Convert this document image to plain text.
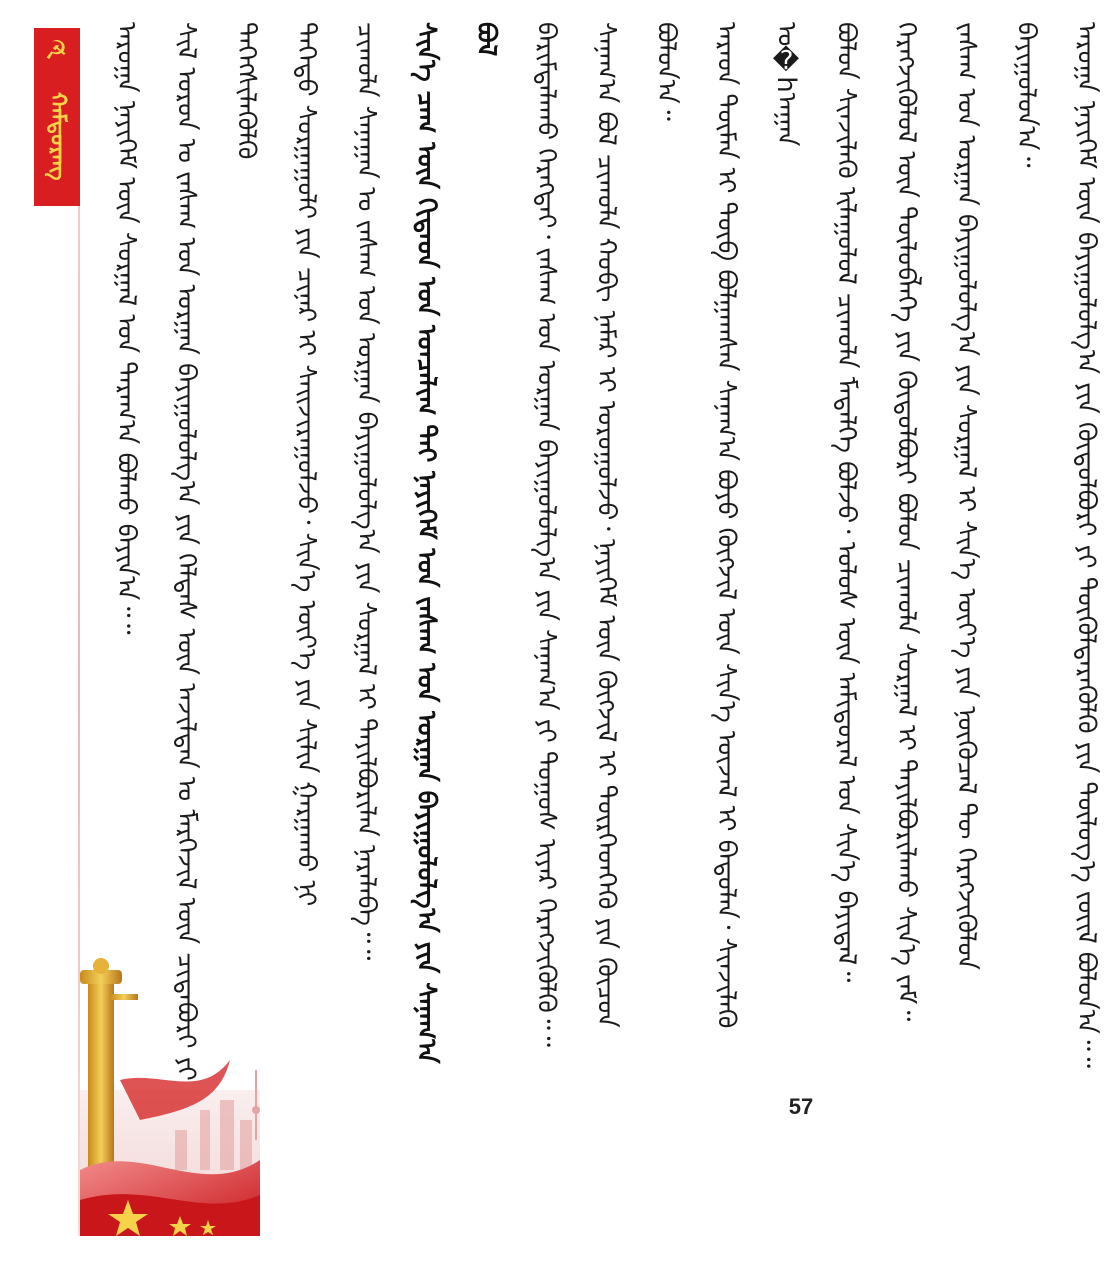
☭
ᠬᠠᠮᠲᠤᠷᠠᠩ	ᠠᠷᠤᠭᠠ ᠨᠡᠶᠢᠭᠡᠮ ᠦᠨ ᠰᠤᠷᠭᠠᠯ ᠤᠨ ᠳᠠᠷᠠᠭ᠎ᠠ ᠪᠤᠯᠬᠤ ᠪᠠᠶᠢᠨ᠎ᠠ᠃᠃	ᠰᠢᠯ ᠣᠷᠣᠨ ᠤ ᠵᠠᠰᠠᠭ ᠤᠨ ᠣᠷᠭᠠᠨ ᠪᠠᠶᠢᠭᠤᠯᠤᠯᠭ᠎ᠠ ᠶᠢᠨ ᠬᠡᠯᠲᠡᠰ ᠦᠨ ᠠᠵᠢᠯᠲᠠᠨ ᠤ ᠮᠡᠷᠭᠡᠵᠢᠯ ᠦᠨ ᠴᠢᠳᠠᠪᠤᠷᠢ ᠶᠢ ᠳᠡᠭᠡᠭᠰᠢᠯᠡᠭᠦᠯᠬᠦ	ᠳᠡᠭᠡᠳᠦ ᠰᠤᠷᠭᠠᠭᠤᠯᠢ ᠶᠢᠨ ᠴᠢᠨᠠᠷ ᠢ ᠰᠠᠢᠵᠢᠷᠠᠭᠤᠯᠵᠤ᠂ ᠰᠢᠨ᠎ᠡ ᠦᠶ᠎ᠡ ᠶᠢᠨ ᠰᠢᠯᠢᠨ ᠭᠠᠷᠭᠠᠬᠤ ᠨᠢ	ᠴᠢᠬᠤᠯᠠ ᠰᠠᠨᠠᠭᠠᠨ ᠤ ᠵᠠᠰᠠᠭ ᠤᠨ ᠣᠷᠭᠠᠨ ᠪᠠᠶᠢᠭᠤᠯᠤᠯᠭ᠎ᠠ ᠶᠢᠨ ᠰᠤᠷᠭᠠᠯ ᠢ ᠲᠠᠶᠢᠯᠪᠤᠷᠢᠯᠠᠨ ᠨᠡᠷᠡᠯᠡᠪᠡ᠃᠃	ᠰᠢᠨ᠎ᠡ ᠴᠠᠭ ᠦᠨ ᠬᠢᠲᠠᠳ ᠤᠨ ᠣᠨᠴᠠᠯᠢᠭ ᠲᠠᠢ ᠨᠡᠶᠢᠭᠡᠮ ᠤᠨ ᠵᠠᠰᠠᠭ ᠤᠨ ᠣᠷᠭᠠᠨ ᠪᠠᠶᠢᠭᠤᠯᠤᠯᠭ᠎ᠠ ᠶᠢᠨ ᠰᠠᠨᠠᠭ᠎ᠠ ᠪᠤᠯ	ᠪᠠᠷᠢᠮᠲᠠᠯᠠᠬᠤ ᠬᠡᠷᠡᠭᠲᠡᠢ᠂ ᠵᠠᠰᠠᠭ ᠤᠨ ᠣᠷᠭᠠᠨ ᠪᠠᠶᠢᠭᠤᠯᠤᠯᠭ᠎ᠠ ᠶᠢᠨ ᠰᠠᠨᠠᠭ᠎ᠠ ᠶᠢ ᠲᠤᠭᠤᠰ ᠢᠶᠡᠷ ᠬᠡᠷᠡᠭᠵᠢᠭᠦᠯᠬᠦ᠃᠃	ᠰᠠᠨᠠᠭ᠎ᠠ ᠪᠤᠯ ᠴᠢᠬᠤᠯᠠ ᠬᠤᠪᠢ ᠨᠡᠮᠡᠷ ᠢ ᠣᠷᠤᠭᠤᠯᠵᠤ᠂ ᠨᠡᠶᠢᠭᠡᠮ ᠦᠨ ᠬᠥᠭᠵᠢᠯ ᠢ ᠲᠦᠷᠭᠡᠳᠬᠡᠬᠦ ᠶᠢᠨ ᠬᠦᠴᠦᠨ ᠪᠤᠯᠤᠨ᠎ᠠ᠃	ᠠᠷᠠᠳ ᠲᠦᠮᠡᠨ ᠢ ᠲᠦᠪ ᠪᠣᠯᠭᠠᠭᠰᠠᠨ ᠰᠠᠨᠠᠭ᠎ᠠ ᠪᠤᠶᠤ ᠬᠥᠭᠵᠢᠯ ᠦᠨ ᠰᠢᠨ᠎ᠡ ᠦᠵᠡᠯ ᠢ ᠪᠠᠲᠤᠯᠠᠨ᠂ ᠰᠢᠨᠵᠢᠯᠡᠬᠦ ᠤ�hᠠᠭᠠᠨ	ᠪᠣᠯᠤᠨ ᠰᠢᠨᠵᠢᠯᠡᠬᠦ ᠢᠯᠠᠭᠤᠯᠤᠯ ᠴᠢᠬᠤᠯᠠ ᠮᠡᠳᠡᠯᠭᠡ ᠪᠣᠯᠵᠤ᠂ ᠤᠯᠤᠰ ᠦᠨ ᠠᠮᠢᠳᠤᠷᠠᠯ ᠤᠨ ᠰᠢᠨ᠎ᠡ ᠪᠠᠶᠢᠳᠠᠯ᠃	ᠬᠡᠷᠡᠭᠵᠢᠭᠦᠯᠦᠯ ᠦᠨ ᠲᠥᠯᠦᠪᠯᠡᠭᠡ ᠶᠢᠨ ᠬᠥᠲᠦᠯᠪᠦᠷᠢ ᠪᠣᠯᠤᠨ ᠴᠢᠬᠤᠯᠠ ᠰᠤᠷᠭᠠᠯ ᠢ ᠲᠠᠶᠢᠯᠪᠤᠷᠢᠯᠠᠬᠤ ᠰᠢᠨ᠎ᠡ ᠵᠠᠮ᠃	ᠵᠠᠰᠠᠭ ᠤᠨ ᠣᠷᠭᠠᠨ ᠪᠠᠶᠢᠭᠤᠯᠤᠯᠭ᠎ᠠ ᠶᠢᠨ ᠰᠤᠷᠭᠠᠯ ᠢ ᠰᠢᠨ᠎ᠡ ᠦᠶ᠎ᠡ ᠶᠢᠨ ᠨᠥᠬᠦᠴᠡᠯ ᠲᠦ ᠬᠡᠷᠡᠭᠵᠢᠭᠦᠯᠦᠨ ᠪᠠᠶᠢᠭᠤᠯᠤᠨ᠎ᠠ᠃	ᠠᠷᠤᠭᠠ ᠨᠡᠶᠢᠭᠡᠮ ᠦᠨ ᠪᠠᠶᠢᠭᠤᠯᠤᠯᠭ᠎ᠠ ᠶᠢᠨ ᠬᠥᠲᠦᠯᠪᠦᠷᠢ ᠶᠢ ᠲᠥᠭᠦᠯᠳᠡᠷᠡᠭᠦᠯᠬᠦ ᠶᠢᠨ ᠲᠥᠯᠦᠭ᠎ᠡ ᠵᠦᠢᠯ ᠪᠣᠯᠤᠨ᠎ᠠ᠃᠃
57
